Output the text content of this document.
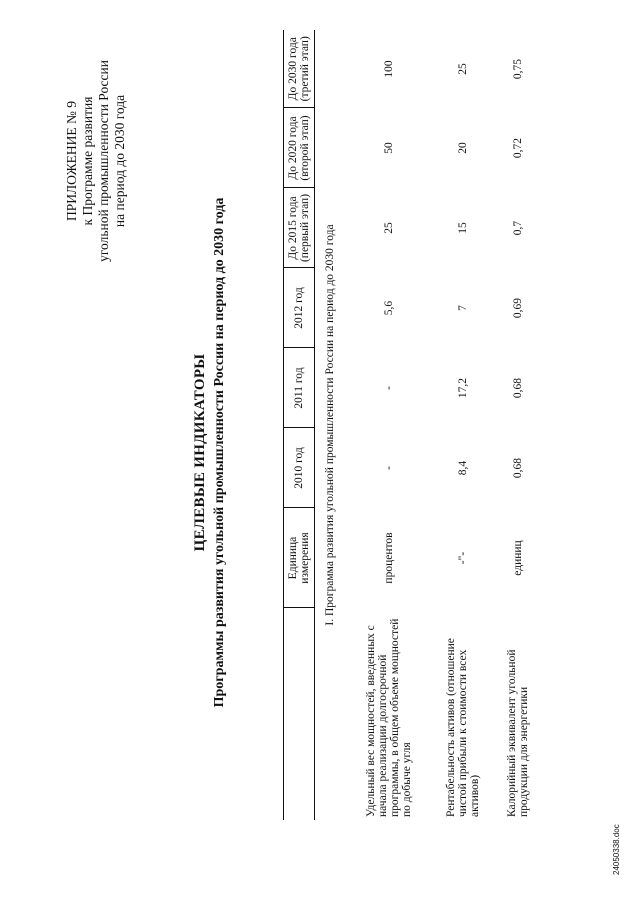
ПРИЛОЖЕНИЕ № 9 к Программе развития угольной промышленности России на период до 2030 года
ЦЕЛЕВЫЕ ИНДИКАТОРЫ Программы развития угольной промышленности России на период до 2030 года
		Единица измерения	2010 год	2011 год	2012 год	До 2015 года (первый этап)	До 2020 года (второй этап)	До 2030 года (третий этап)
I. Программа развития угольной промышленности России на период до 2030 года							
Удельный вес мощностей, введенных с начала реализации долгосрочной программы, в общем объеме мощностей по добыче угля	процентов	-	-	5,6	25	50	100
Рентабельность активов (отношение чистой прибыли к стоимости всех активов)	-"-	8,4	17,2	7	15	20	25
Калорийный эквивалент угольной продукции для энергетики	единиц	0,68	0,68	0,69	0,7	0,72	0,75
24050338.doc
